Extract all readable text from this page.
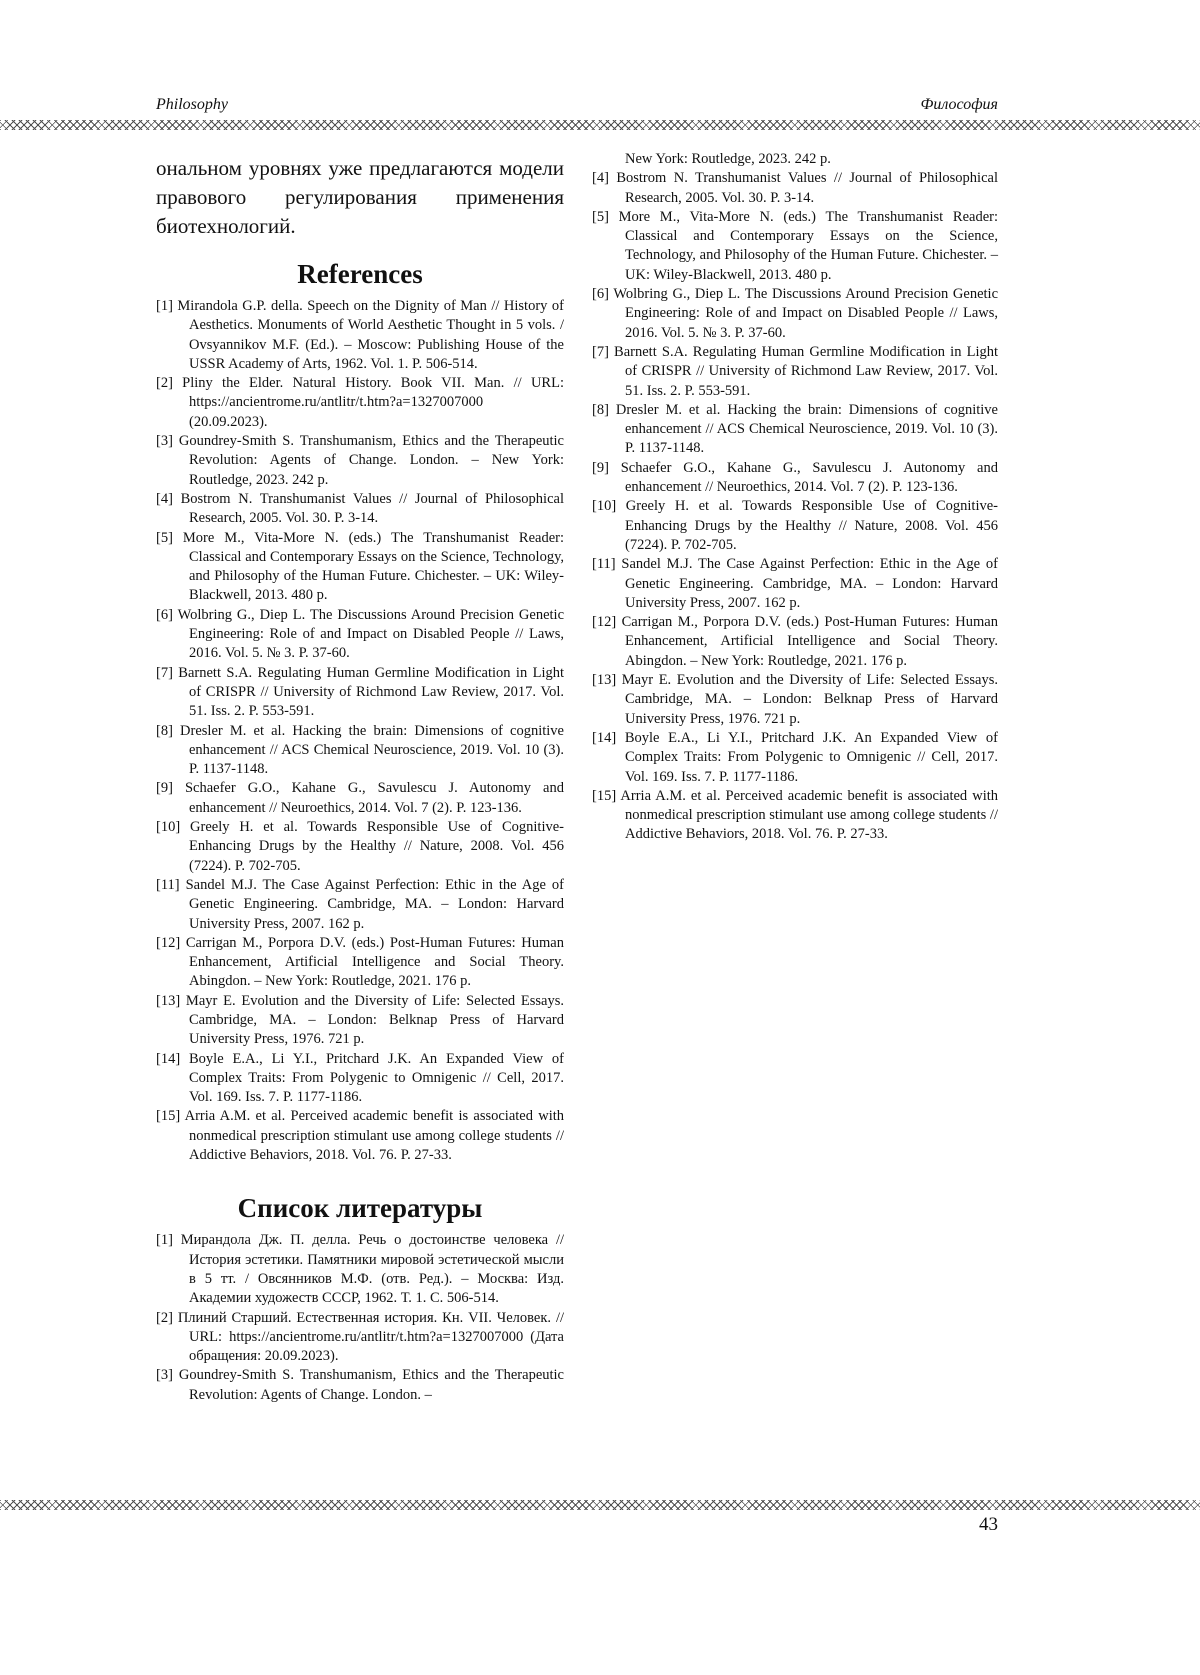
Philosophy	Философия

ональном уровнях уже предлагаются модели правового регулирования применения биотехнологий.

References
[1] Mirandola G.P. della. Speech on the Dignity of Man // History of Aesthetics. Monuments of World Aesthetic Thought in 5 vols. / Ovsyannikov M.F. (Ed.). – Moscow: Publishing House of the USSR Academy of Arts, 1962. Vol. 1. P. 506-514.
[2] Pliny the Elder. Natural History. Book VII. Man. // URL: https://ancientrome.ru/antlitr/t.htm?a=1327007000 (20.09.2023).
[3] Goundrey-Smith S. Transhumanism, Ethics and the Therapeutic Revolution: Agents of Change. London. – New York: Routledge, 2023. 242 p.
[4] Bostrom N. Transhumanist Values // Journal of Philosophical Research, 2005. Vol. 30. P. 3-14.
[5] More M., Vita-More N. (eds.) The Transhumanist Reader: Classical and Contemporary Essays on the Science, Technology, and Philosophy of the Human Future. Chichester. – UK: Wiley-Blackwell, 2013. 480 p.
[6] Wolbring G., Diep L. The Discussions Around Precision Genetic Engineering: Role of and Impact on Disabled People // Laws, 2016. Vol. 5. № 3. P. 37-60.
[7] Barnett S.A. Regulating Human Germline Modification in Light of CRISPR // University of Richmond Law Review, 2017. Vol. 51. Iss. 2. P. 553-591.
[8] Dresler M. et al. Hacking the brain: Dimensions of cognitive enhancement // ACS Chemical Neuroscience, 2019. Vol. 10 (3). P. 1137-1148.
[9] Schaefer G.O., Kahane G., Savulescu J. Autonomy and enhancement // Neuroethics, 2014. Vol. 7 (2). P. 123-136.
[10] Greely H. et al. Towards Responsible Use of Cognitive-Enhancing Drugs by the Healthy // Nature, 2008. Vol. 456 (7224). P. 702-705.
[11] Sandel M.J. The Case Against Perfection: Ethic in the Age of Genetic Engineering. Cambridge, MA. – London: Harvard University Press, 2007. 162 p.
[12] Carrigan M., Porpora D.V. (eds.) Post-Human Futures: Human Enhancement, Artificial Intelligence and Social Theory. Abingdon. – New York: Routledge, 2021. 176 p.
[13] Mayr E. Evolution and the Diversity of Life: Selected Essays. Cambridge, MA. – London: Belknap Press of Harvard University Press, 1976. 721 p.
[14] Boyle E.A., Li Y.I., Pritchard J.K. An Expanded View of Complex Traits: From Polygenic to Omnigenic // Cell, 2017. Vol. 169. Iss. 7. P. 1177-1186.
[15] Arria A.M. et al. Perceived academic benefit is associated with nonmedical prescription stimulant use among college students // Addictive Behaviors, 2018. Vol. 76. P. 27-33.
Список литературы
[1] Мирандола Дж. П. делла. Речь о достоинстве человека // История эстетики. Памятники мировой эстетической мысли в 5 тт. / Овсянников М.Ф. (отв. Ред.). – Москва: Изд. Академии художеств СССР, 1962. Т. 1. С. 506-514.
[2] Плиний Старший. Естественная история. Кн. VII. Человек. // URL: https://ancientrome.ru/antlitr/t.htm?a=1327007000 (Дата обращения: 20.09.2023).
[3] Goundrey-Smith S. Transhumanism, Ethics and the Therapeutic Revolution: Agents of Change. London. –
New York: Routledge, 2023. 242 p.
[4] Bostrom N. Transhumanist Values // Journal of Philosophical Research, 2005. Vol. 30. P. 3-14.
[5] More M., Vita-More N. (eds.) The Transhumanist Reader: Classical and Contemporary Essays on the Science, Technology, and Philosophy of the Human Future. Chichester. – UK: Wiley-Blackwell, 2013. 480 p.
[6] Wolbring G., Diep L. The Discussions Around Precision Genetic Engineering: Role of and Impact on Disabled People // Laws, 2016. Vol. 5. № 3. P. 37-60.
[7] Barnett S.A. Regulating Human Germline Modification in Light of CRISPR // University of Richmond Law Review, 2017. Vol. 51. Iss. 2. P. 553-591.
[8] Dresler M. et al. Hacking the brain: Dimensions of cognitive enhancement // ACS Chemical Neuroscience, 2019. Vol. 10 (3). P. 1137-1148.
[9] Schaefer G.O., Kahane G., Savulescu J. Autonomy and enhancement // Neuroethics, 2014. Vol. 7 (2). P. 123-136.
[10] Greely H. et al. Towards Responsible Use of Cognitive-Enhancing Drugs by the Healthy // Nature, 2008. Vol. 456 (7224). P. 702-705.
[11] Sandel M.J. The Case Against Perfection: Ethic in the Age of Genetic Engineering. Cambridge, MA. – London: Harvard University Press, 2007. 162 p.
[12] Carrigan M., Porpora D.V. (eds.) Post-Human Futures: Human Enhancement, Artificial Intelligence and Social Theory. Abingdon. – New York: Routledge, 2021. 176 p.
[13] Mayr E. Evolution and the Diversity of Life: Selected Essays. Cambridge, MA. – London: Belknap Press of Harvard University Press, 1976. 721 p.
[14] Boyle E.A., Li Y.I., Pritchard J.K. An Expanded View of Complex Traits: From Polygenic to Omnigenic // Cell, 2017. Vol. 169. Iss. 7. P. 1177-1186.
[15] Arria A.M. et al. Perceived academic benefit is associated with nonmedical prescription stimulant use among college students // Addictive Behaviors, 2018. Vol. 76. P. 27-33.
43
